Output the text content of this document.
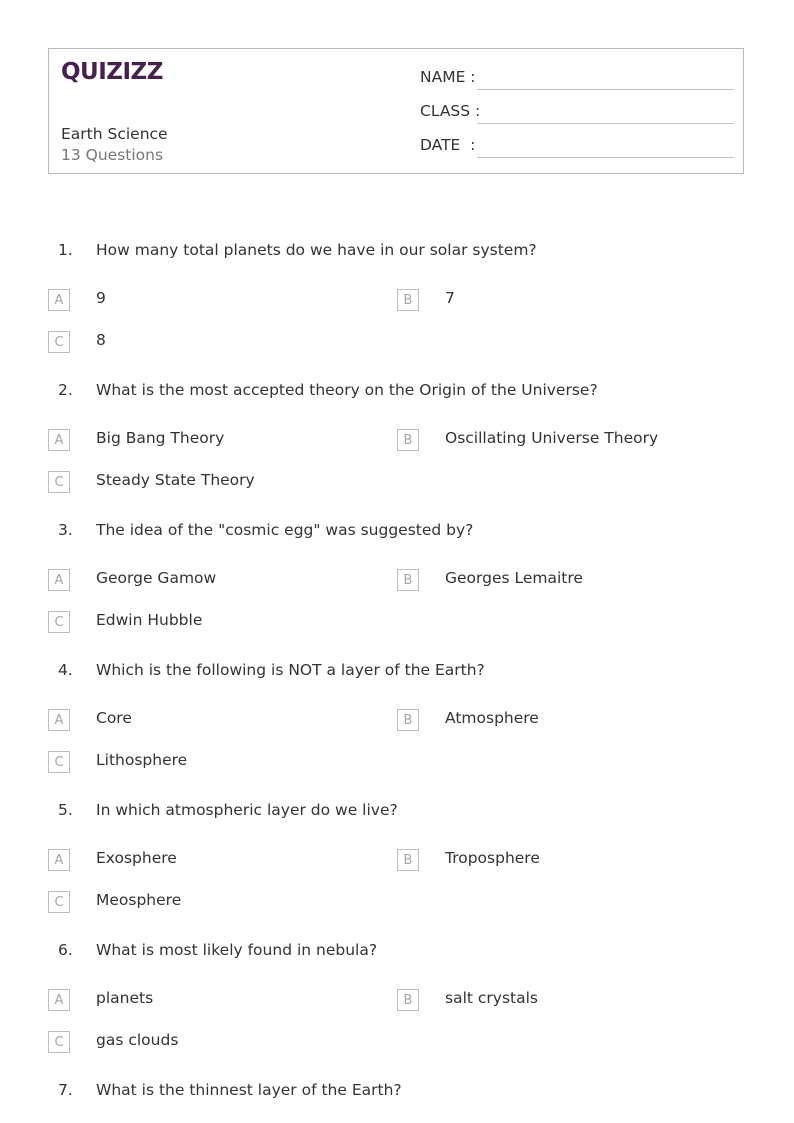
QUIZIZZ
Earth Science
13 Questions
NAME :
CLASS :
DATE  :
1. How many total planets do we have in our solar system?
A	9	B	7
C	8
2. What is the most accepted theory on the Origin of the Universe?
A	Big Bang Theory	B	Oscillating Universe Theory
C	Steady State Theory
3. The idea of the "cosmic egg" was suggested by?
A	George Gamow	B	Georges Lemaitre
C	Edwin Hubble
4. Which is the following is NOT a layer of the Earth?
A	Core	B	Atmosphere
C	Lithosphere
5. In which atmospheric layer do we live?
A	Exosphere	B	Troposphere
C	Meosphere
6. What is most likely found in nebula?
A	planets	B	salt crystals
C	gas clouds
7. What is the thinnest layer of the Earth?
